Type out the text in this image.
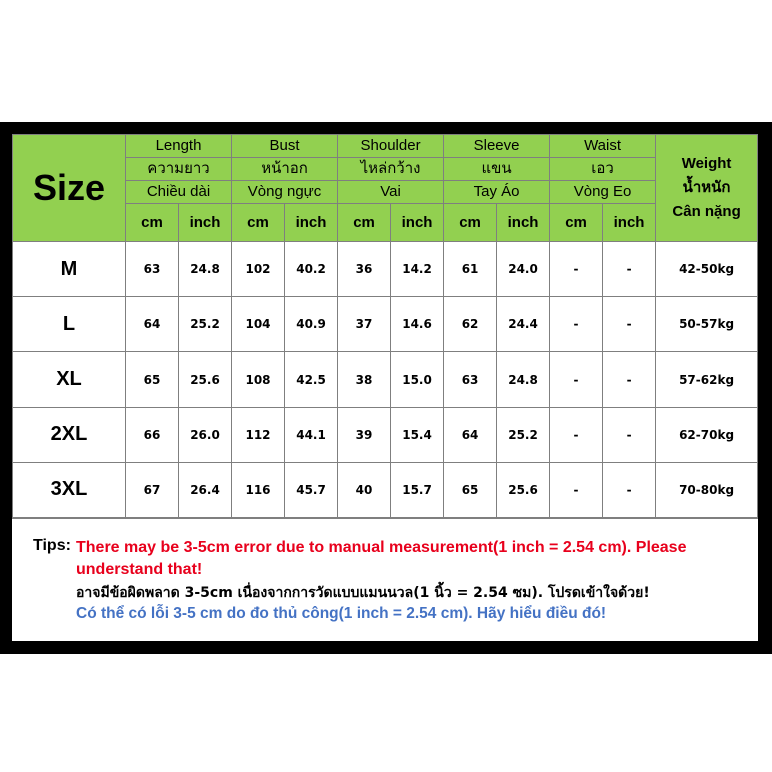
Size	Length		Bust		Shoulder		Sleeve		Waist		Weight
น้ำหนัก
Cân nặng

	ความยาว		หน้าอก		ไหล่กว้าง		แขน		เอว		
	Chiều dài		Vòng ngực		Vai		Tay Áo		Vòng Eo		
	cm	inch	cm	inch	cm	inch	cm	inch	cm	inch	
M	63	24.8	102	40.2	36	14.2	61	24.0	-	-	42-50kg
L	64	25.2	104	40.9	37	14.6	62	24.4	-	-	50-57kg
XL	65	25.6	108	42.5	38	15.0	63	24.8	-	-	57-62kg
2XL	66	26.0	112	44.1	39	15.4	64	25.2	-	-	62-70kg
3XL	67	26.4	116	45.7	40	15.7	65	25.6	-	-	70-80kg
Tips: There may be 3-5cm error due to manual measurement(1 inch = 2.54 cm). Please understand that!
อาจมีข้อผิดพลาด 3-5cm เนื่องจากการวัดแบบแมนนวล(1 นิ้ว = 2.54 ซม). โปรดเข้าใจด้วย!
Có thể có lỗi 3-5 cm do đo thủ công(1 inch = 2.54 cm). Hãy hiểu điều đó!
